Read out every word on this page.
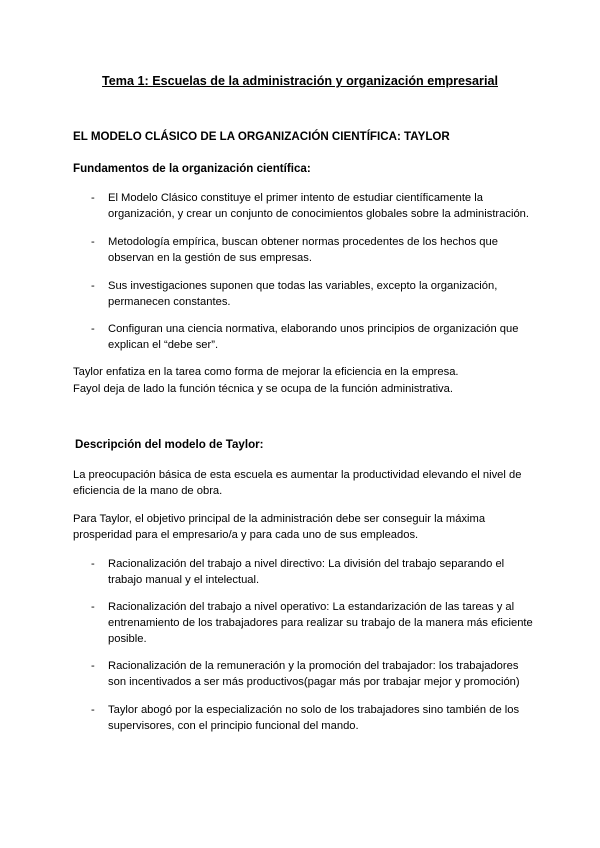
Tema 1: Escuelas de la administración y organización empresarial
EL MODELO CLÁSICO DE LA ORGANIZACIÓN CIENTÍFICA: TAYLOR
Fundamentos de la organización científica:
-	El Modelo Clásico constituye el primer intento de estudiar científicamente la organización, y crear un conjunto de conocimientos globales sobre la administración.
-	Metodología empírica, buscan obtener normas procedentes de los hechos que observan en la gestión de sus empresas.
-	Sus investigaciones suponen que todas las variables, excepto la organización, permanecen constantes.
-	Configuran una ciencia normativa, elaborando unos principios de organización que explican el “debe ser”.
Taylor enfatiza en la tarea como forma de mejorar la eficiencia en la empresa.
Fayol deja de lado la función técnica y se ocupa de la función administrativa.
Descripción del modelo de Taylor:
La preocupación básica de esta escuela es aumentar la productividad elevando el nivel de eficiencia de la mano de obra.
Para Taylor, el objetivo principal de la administración debe ser conseguir la máxima prosperidad para el empresario/a y para cada uno de sus empleados.
-	Racionalización del trabajo a nivel directivo: La división del trabajo separando el trabajo manual y el intelectual.
-	Racionalización del trabajo a nivel operativo: La estandarización de las tareas y al entrenamiento de los trabajadores para realizar su trabajo de la manera más eficiente posible.
-	Racionalización de la remuneración y la promoción del trabajador: los trabajadores son incentivados a ser más productivos(pagar más por trabajar mejor y promoción)
-	Taylor abogó por la especialización no solo de los trabajadores sino también de los supervisores, con el principio funcional del mando.
